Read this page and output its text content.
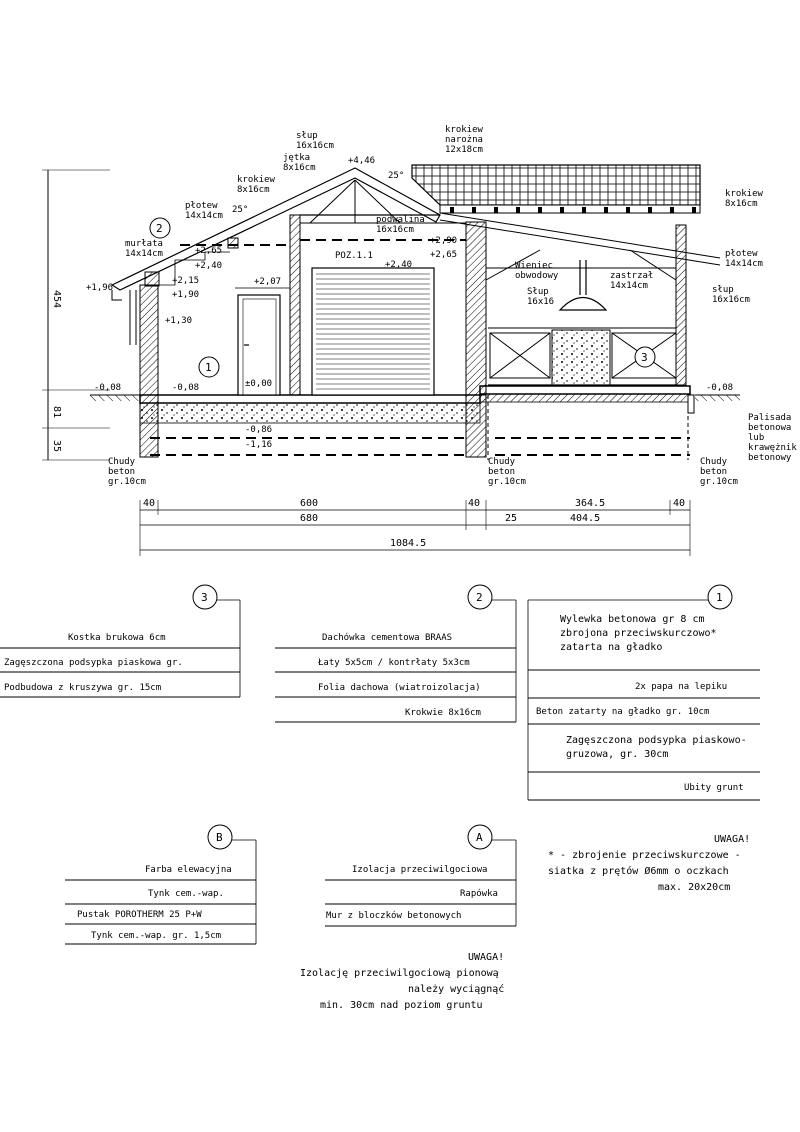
454
81
35
40	600	40
680
364.5
25
40
404.5
1084.5
krokiew narożna 12x18cm
słup 16x16cm
jętka 8x16cm
krokiew 8x16cm
płotew 14x14cm
murłata 14x14cm
podwalina 16x16cm
krokiew 8x16cm
płotew 14x14cm
słup 16x16cm
zastrzał 14x14cm
Wieniec obwodowy
Słup 16x16
Palisada betonowa lub krawężnik betonowy
Chudy beton gr.10cm
Chudy beton gr.10cm
Chudy beton gr.10cm
+4,46
+2,65
+2,40
+2,15
+1,90
+1,96
+1,30
+2,07
±0,00
-0,08	-0,08	-0,08
+2,90
+2,65
+2,40
-0,86
-1,16
POZ.1.1
25°
25°
2
1
3
1
Wylewka betonowa gr 8 cm zbrojona przeciwskurczowo* zatarta na gładko
2x papa na lepiku
Beton zatarty na gładko gr. 10cm
Zagęszczona podsypka piaskowo-gruzowa, gr. 30cm
Ubity grunt
2
Dachówka cementowa BRAAS
Łaty 5x5cm / kontrłaty 5x3cm
Folia dachowa (wiatroizolacja)
Krokwie 8x16cm
3
Kostka brukowa 6cm
Zagęszczona podsypka piaskowa gr.
Podbudowa z kruszywa gr. 15cm
A
Izolacja przeciwilgociowa
Rapówka
Mur z bloczków betonowych
B
Farba elewacyjna
Tynk cem.-wap.
Pustak POROTHERM 25 P+W
Tynk cem.-wap. gr. 1,5cm
UWAGA!
* - zbrojenie przeciwskurczowe -
siatka z prętów Ø6mm o oczkach
max. 20x20cm
UWAGA!
Izolację przeciwilgociową pionową
należy wyciągnąć
min. 30cm nad poziom gruntu
